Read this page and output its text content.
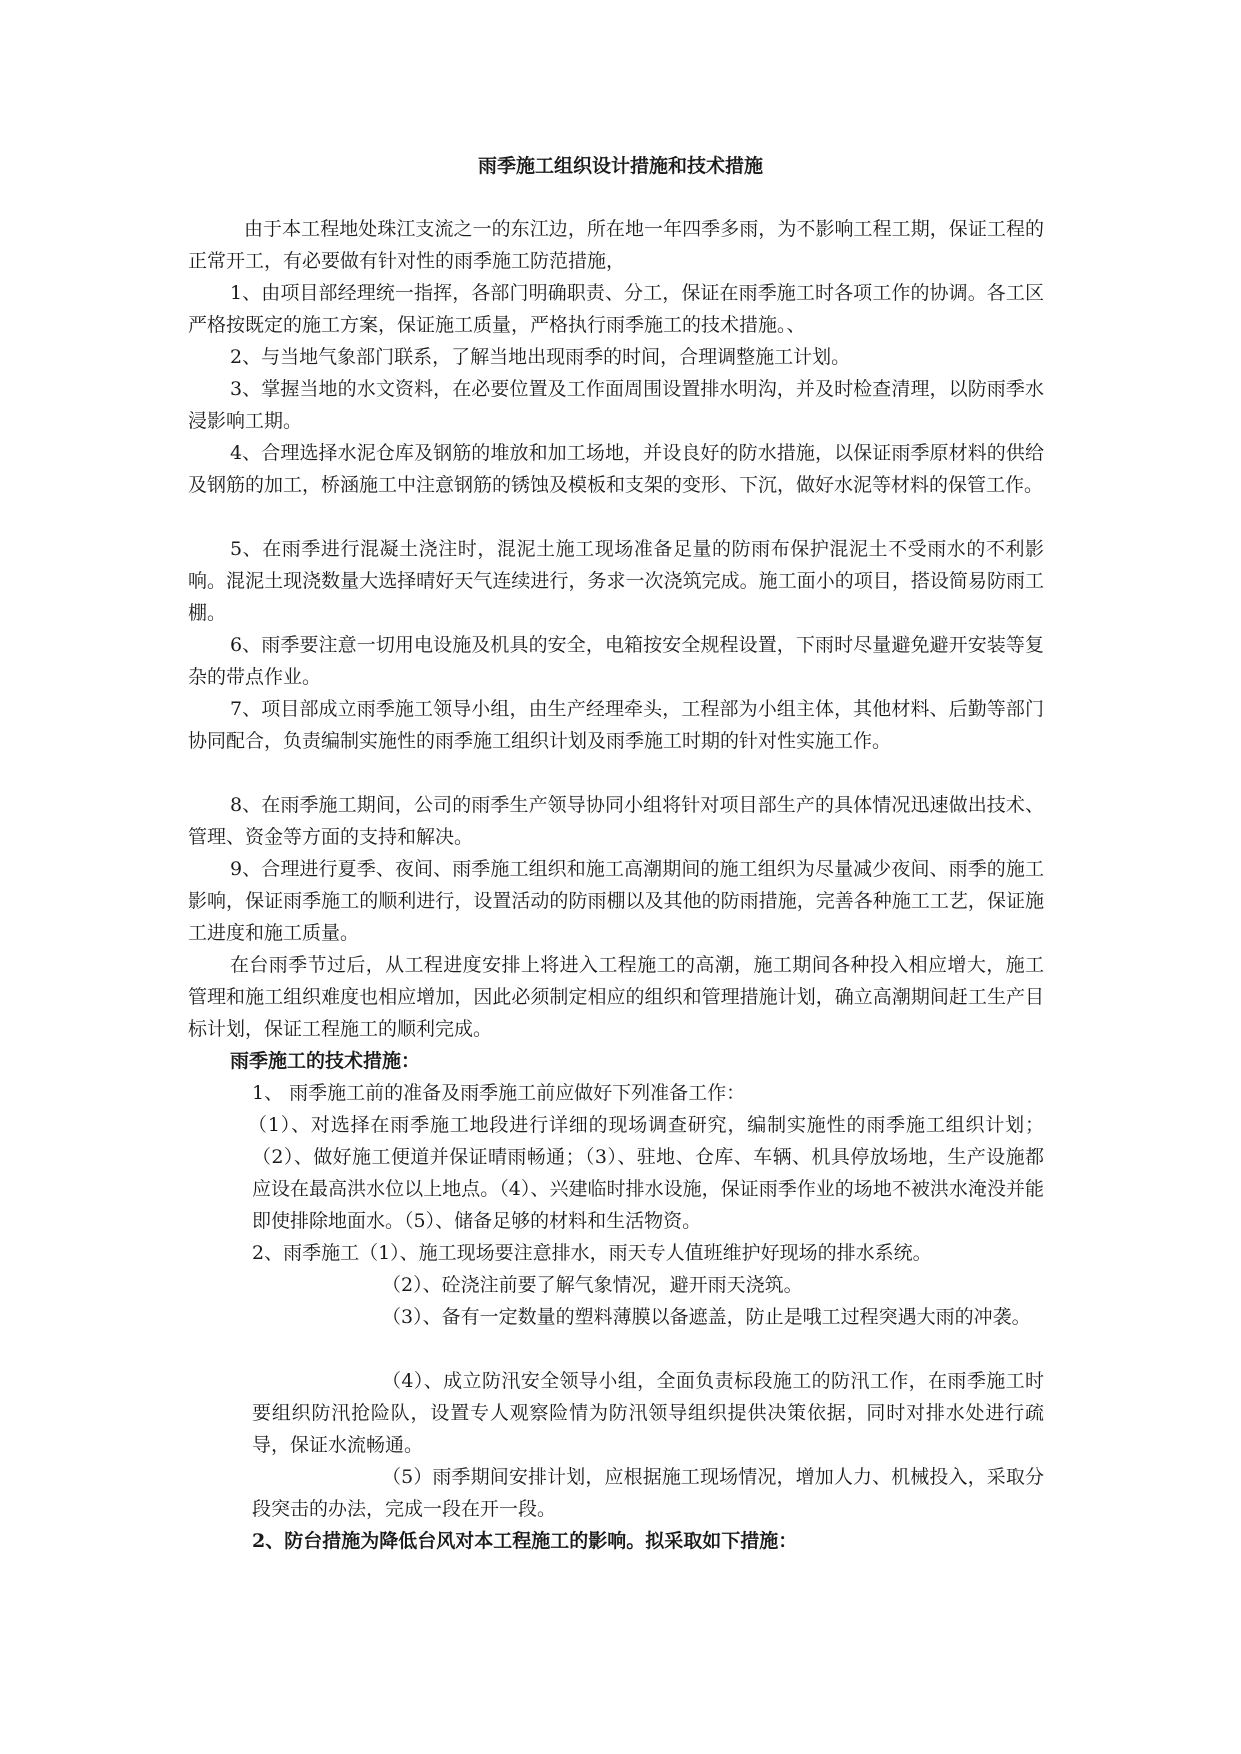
雨季施工组织设计措施和技术措施
由于本工程地处珠江支流之一的东江边，所在地一年四季多雨，为不影响工程工期，保证工程的正常开工，有必要做有针对性的雨季施工防范措施，
1、由项目部经理统一指挥，各部门明确职责、分工，保证在雨季施工时各项工作的协调。各工区严格按既定的施工方案，保证施工质量，严格执行雨季施工的技术措施。、
2、与当地气象部门联系，了解当地出现雨季的时间，合理调整施工计划。
3、掌握当地的水文资料，在必要位置及工作面周围设置排水明沟，并及时检查清理，以防雨季水浸影响工期。
4、合理选择水泥仓库及钢筋的堆放和加工场地，并设良好的防水措施，以保证雨季原材料的供给及钢筋的加工，桥涵施工中注意钢筋的锈蚀及模板和支架的变形、下沉，做好水泥等材料的保管工作。
5、在雨季进行混凝土浇注时，混泥土施工现场准备足量的防雨布保护混泥土不受雨水的不利影响。混泥土现浇数量大选择晴好天气连续进行，务求一次浇筑完成。施工面小的项目，搭设简易防雨工棚。
6、雨季要注意一切用电设施及机具的安全，电箱按安全规程设置，下雨时尽量避免避开安装等复杂的带点作业。
7、项目部成立雨季施工领导小组，由生产经理牵头，工程部为小组主体，其他材料、后勤等部门协同配合，负责编制实施性的雨季施工组织计划及雨季施工时期的针对性实施工作。
8、在雨季施工期间，公司的雨季生产领导协同小组将针对项目部生产的具体情况迅速做出技术、管理、资金等方面的支持和解决。
9、合理进行夏季、夜间、雨季施工组织和施工高潮期间的施工组织为尽量减少夜间、雨季的施工影响，保证雨季施工的顺利进行，设置活动的防雨棚以及其他的防雨措施，完善各种施工工艺，保证施工进度和施工质量。
在台雨季节过后，从工程进度安排上将进入工程施工的高潮，施工期间各种投入相应增大，施工管理和施工组织难度也相应增加，因此必须制定相应的组织和管理措施计划，确立高潮期间赶工生产目标计划，保证工程施工的顺利完成。
雨季施工的技术措施：
1、 雨季施工前的准备及雨季施工前应做好下列准备工作：
（1）、对选择在雨季施工地段进行详细的现场调查研究，编制实施性的雨季施工组织计划；（2）、做好施工便道并保证晴雨畅通；（3）、驻地、仓库、车辆、机具停放场地，生产设施都应设在最高洪水位以上地点。（4）、兴建临时排水设施，保证雨季作业的场地不被洪水淹没并能即使排除地面水。（5）、储备足够的材料和生活物资。
2、雨季施工（1）、施工现场要注意排水，雨天专人值班维护好现场的排水系统。
（2）、砼浇注前要了解气象情况，避开雨天浇筑。
（3）、备有一定数量的塑料薄膜以备遮盖，防止是哦工过程突遇大雨的冲袭。
（4）、成立防汛安全领导小组，全面负责标段施工的防汛工作，在雨季施工时要组织防汛抢险队，设置专人观察险情为防汛领导组织提供决策依据，同时对排水处进行疏导，保证水流畅通。
（5）雨季期间安排计划，应根据施工现场情况，增加人力、机械投入，采取分段突击的办法，完成一段在开一段。
2、防台措施为降低台风对本工程施工的影响。拟采取如下措施：
